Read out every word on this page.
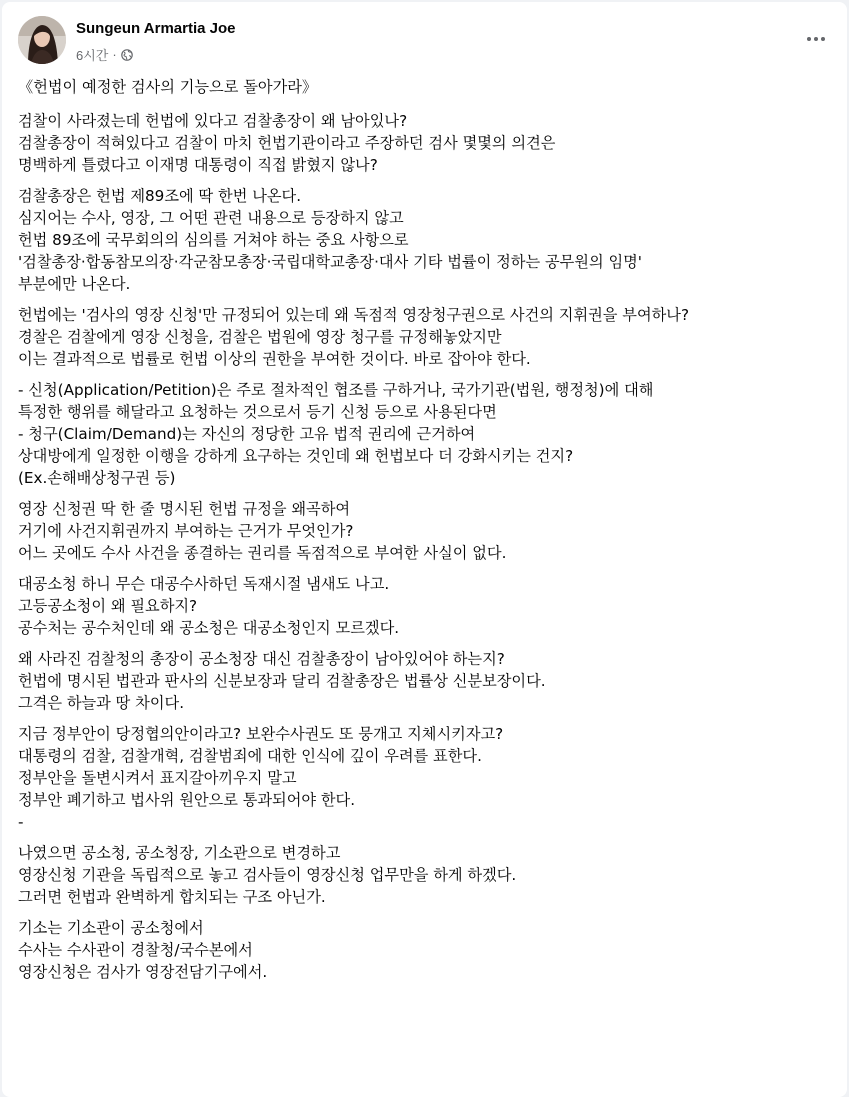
Sungeun Armartia Joe
6시간 ·

《헌법이 예정한 검사의 기능으로 돌아가라》

검찰이 사라졌는데 헌법에 있다고 검찰총장이 왜 남아있나?
검찰총장이 적혀있다고 검찰이 마치 헌법기관이라고 주장하던 검사 몇몇의 의견은
명백하게 틀렸다고 이재명 대통령이 직접 밝혔지 않나?

검찰총장은 헌법 제89조에 딱 한번 나온다.
심지어는 수사, 영장, 그 어떤 관련 내용으로 등장하지 않고
헌법 89조에 국무회의의 심의를 거쳐야 하는 중요 사항으로
'검찰총장·합동참모의장·각군참모총장·국립대학교총장·대사 기타 법률이 정하는 공무원의 임명'
부분에만 나온다.

헌법에는 '검사의 영장 신청'만 규정되어 있는데 왜 독점적 영장청구권으로 사건의 지휘권을 부여하나?
경찰은 검찰에게 영장 신청을, 검찰은 법원에 영장 청구를 규정해놓았지만
이는 결과적으로 법률로 헌법 이상의 권한을 부여한 것이다. 바로 잡아야 한다.

- 신청(Application/Petition)은 주로 절차적인 협조를 구하거나, 국가기관(법원, 행정청)에 대해
특정한 행위를 해달라고 요청하는 것으로서 등기 신청 등으로 사용된다면
- 청구(Claim/Demand)는 자신의 정당한 고유 법적 권리에 근거하여
상대방에게 일정한 이행을 강하게 요구하는 것인데 왜 헌법보다 더 강화시키는 건지?
(Ex.손해배상청구권 등)

영장 신청권 딱 한 줄 명시된 헌법 규정을 왜곡하여
거기에 사건지휘권까지 부여하는 근거가 무엇인가?
어느 곳에도 수사 사건을 종결하는 권리를 독점적으로 부여한 사실이 없다.

대공소청 하니 무슨 대공수사하던 독재시절 냄새도 나고.
고등공소청이 왜 필요하지?
공수처는 공수처인데 왜 공소청은 대공소청인지 모르겠다.

왜 사라진 검찰청의 총장이 공소청장 대신 검찰총장이 남아있어야 하는지?
헌법에 명시된 법관과 판사의 신분보장과 달리 검찰총장은 법률상 신분보장이다.
그격은 하늘과 땅 차이다.

지금 정부안이 당정협의안이라고? 보완수사권도 또 뭉개고 지체시키자고?
대통령의 검찰, 검찰개혁, 검찰범죄에 대한 인식에 깊이 우려를 표한다.
정부안을 돌변시켜서 표지갈아끼우지 말고
정부안 폐기하고 법사위 원안으로 통과되어야 한다.
-

나였으면 공소청, 공소청장, 기소관으로 변경하고
영장신청 기관을 독립적으로 놓고 검사들이 영장신청 업무만을 하게 하겠다.
그러면 헌법과 완벽하게 합치되는 구조 아닌가.

기소는 기소관이 공소청에서
수사는 수사관이 경찰청/국수본에서
영장신청은 검사가 영장전담기구에서.
